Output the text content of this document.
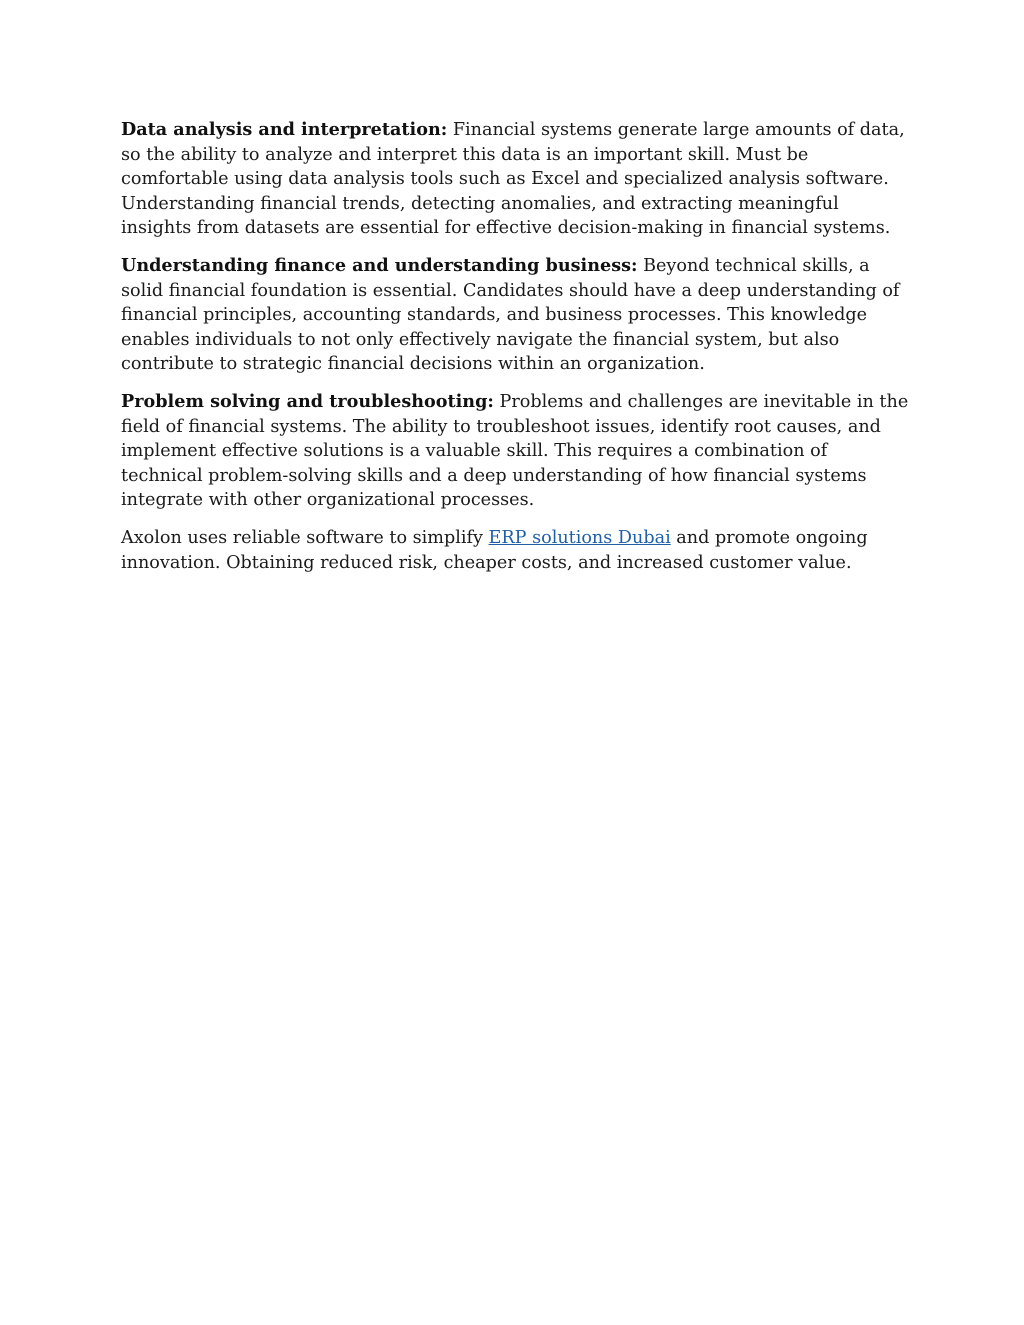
Data analysis and interpretation: Financial systems generate large amounts of data, so the ability to analyze and interpret this data is an important skill. Must be comfortable using data analysis tools such as Excel and specialized analysis software. Understanding financial trends, detecting anomalies, and extracting meaningful insights from datasets are essential for effective decision-making in financial systems.

Understanding finance and understanding business: Beyond technical skills, a solid financial foundation is essential. Candidates should have a deep understanding of financial principles, accounting standards, and business processes. This knowledge enables individuals to not only effectively navigate the financial system, but also contribute to strategic financial decisions within an organization.

Problem solving and troubleshooting: Problems and challenges are inevitable in the field of financial systems. The ability to troubleshoot issues, identify root causes, and implement effective solutions is a valuable skill. This requires a combination of technical problem-solving skills and a deep understanding of how financial systems integrate with other organizational processes.

Axolon uses reliable software to simplify ERP solutions Dubai and promote ongoing innovation. Obtaining reduced risk, cheaper costs, and increased customer value.
